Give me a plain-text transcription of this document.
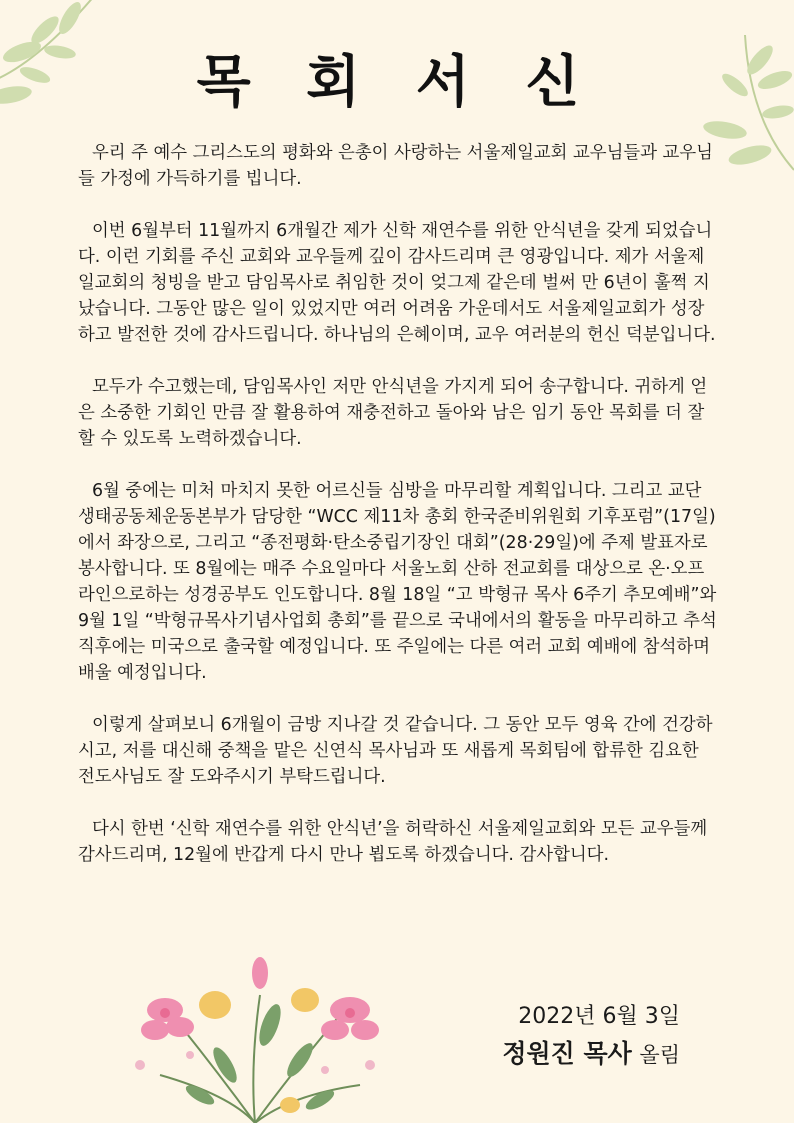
목 회 서 신

우리 주 예수 그리스도의 평화와 은총이 사랑하는 서울제일교회 교우님들과 교우님들 가정에 가득하기를 빕니다.

이번 6월부터 11월까지 6개월간 제가 신학 재연수를 위한 안식년을 갖게 되었습니다. 이런 기회를 주신 교회와 교우들께 깊이 감사드리며 큰 영광입니다. 제가 서울제일교회의 청빙을 받고 담임목사로 취임한 것이 엊그제 같은데 벌써 만 6년이 훌쩍 지났습니다. 그동안 많은 일이 있었지만 여러 어려움 가운데서도 서울제일교회가 성장하고 발전한 것에 감사드립니다. 하나님의 은혜이며, 교우 여러분의 헌신 덕분입니다.

모두가 수고했는데, 담임목사인 저만 안식년을 가지게 되어 송구합니다. 귀하게 얻은 소중한 기회인 만큼 잘 활용하여 재충전하고 돌아와 남은 임기 동안 목회를 더 잘할 수 있도록 노력하겠습니다.

6월 중에는 미처 마치지 못한 어르신들 심방을 마무리할 계획입니다. 그리고 교단 생태공동체운동본부가 담당한 “WCC 제11차 총회 한국준비위원회 기후포럼”(17일)에서 좌장으로, 그리고 “종전평화·탄소중립기장인 대회”(28·29일)에 주제 발표자로 봉사합니다. 또 8월에는 매주 수요일마다 서울노회 산하 전교회를 대상으로 온·오프라인으로하는 성경공부도 인도합니다. 8월 18일 “고 박형규 목사 6주기 추모예배”와 9월 1일 “박형규목사기념사업회 총회”를 끝으로 국내에서의 활동을 마무리하고 추석 직후에는 미국으로 출국할 예정입니다. 또 주일에는 다른 여러 교회 예배에 참석하며 배울 예정입니다.

이렇게 살펴보니 6개월이 금방 지나갈 것 같습니다. 그 동안 모두 영육 간에 건강하시고, 저를 대신해 중책을 맡은 신연식 목사님과 또 새롭게 목회팀에 합류한 김요한 전도사님도 잘 도와주시기 부탁드립니다.

다시 한번 ‘신학 재연수를 위한 안식년’을 허락하신 서울제일교회와 모든 교우들께 감사드리며, 12월에 반갑게 다시 만나 뵙도록 하겠습니다. 감사합니다.

2022년 6월 3일
정원진 목사 올림
